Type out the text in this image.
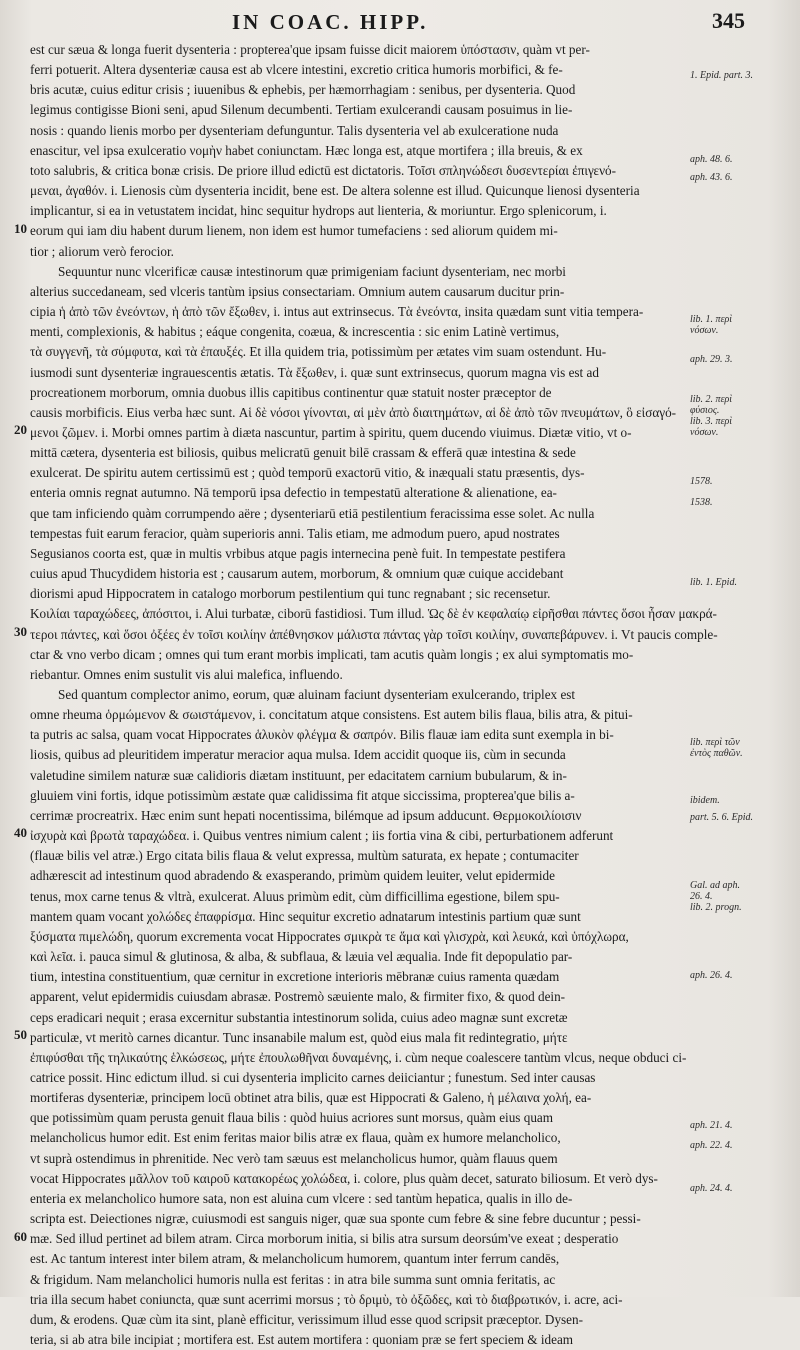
IN COAC. HIPP.	345
10
20
30
40
50
60
est cur sæua & longa fuerit dysenteria : propterea'que ipsam fuisse dicit maiorem ὑπόστασιν, quàm vt per-
ferri potuerit. Altera dysenteriæ causa est ab vlcere intestini, excretio critica humoris morbifici, & fe-
bris acutæ, cuius editur crisis ; iuuenibus & ephebis, per hæmorrhagiam : senibus, per dysenteria. Quod
legimus contigisse Bioni seni, apud Silenum decumbenti. Tertiam exulcerandi causam posuimus in lie-
nosis : quando lienis morbo per dysenteriam defunguntur. Talis dysenteria vel ab exulceratione nuda
enascitur, vel ipsa exulceratio νομὴν habet coniunctam. Hæc longa est, atque mortifera ; illa breuis, & ex
toto salubris, & critica bonæ crisis. De priore illud edictū est dictatoris. Τοῖσι σπληνώδεσι δυσεντερίαι ἐπιγενό-
μεναι, ἀγαθόν. i. Lienosis cùm dysenteria incidit, bene est. De altera solenne est illud. Quicunque lienosi dysenteria
implicantur, si ea in vetustatem incidat, hinc sequitur hydrops aut lienteria, & moriuntur. Ergo splenicorum, i.
eorum qui iam diu habent durum lienem, non idem est humor tumefaciens : sed aliorum quidem mi-
tior ; aliorum verò ferocior.
Sequuntur nunc vlcerificæ causæ intestinorum quæ primigeniam faciunt dysenteriam, nec morbi
alterius succedaneam, sed vlceris tantùm ipsius consectariam. Omnium autem causarum ducitur prin-
cipia ἡ ἀπὸ τῶν ἐνεόντων, ἡ ἀπὸ τῶν ἔξωθεν, i. intus aut extrinsecus. Τὰ ἐνεόντα, insita quædam sunt vitia tempera-
menti, complexionis, & habitus ; eáque congenita, coæua, & increscentia : sic enim Latinè vertimus,
τὰ συγγενῆ, τὰ σύμφυτα, καὶ τὰ ἐπαυξές. Et illa quidem tria, potissimùm per ætates vim suam ostendunt. Hu-
iusmodi sunt dysenteriæ ingrauescentis ætatis. Τὰ ἔξωθεν, i. quæ sunt extrinsecus, quorum magna vis est ad
procreationem morborum, omnia duobus illis capitibus continentur quæ statuit noster præceptor de
causis morbificis. Eius verba hæc sunt. Αἱ δὲ νόσοι γίνονται, αἱ μὲν ἀπὸ διαιτημάτων, αἱ δὲ ἀπὸ τῶν πνευμάτων, ὃ εἰσαγό-
μενοι ζῶμεν. i. Morbi omnes partim à diæta nascuntur, partim à spiritu, quem ducendo viuimus. Diætæ vitio, vt o-
mittā cætera, dysenteria est biliosis, quibus melicratū genuit bilē crassam & efferā quæ intestina & sede
exulcerat. De spiritu autem certissimū est ; quòd temporū exactorū vitio, & inæquali statu præsentis, dys-
enteria omnis regnat autumno. Nā temporū ipsa defectio in tempestatū alteratione & alienatione, ea-
que tam inficiendo quàm corrumpendo aëre ; dysenteriarū etiā pestilentium feracissima esse solet. Ac nulla
tempestas fuit earum feracior, quàm superioris anni. Talis etiam, me admodum puero, apud nostrates
Segusianos coorta est, quæ in multis vrbibus atque pagis internecina penè fuit. In tempestate pestifera
cuius apud Thucydidem historia est ; causarum autem, morborum, & omnium quæ cuique accidebant
diorismi apud Hippocratem in catalogo morborum pestilentium qui tunc regnabant ; sic recensetur.
Κοιλίαι ταραχώδεες, ἀπόσιτοι, i. Alui turbatæ, ciborū fastidiosi. Tum illud. Ὡς δὲ ἐν κεφαλαίῳ εἰρῆσθαι πάντες ὅσοι ἦσαν μακρά-
τεροι πάντες, καὶ ὅσοι ὀξέες ἐν τοῖσι κοιλίην ἀπέθνησκον μάλιστα πάντας γὰρ τοῖσι κοιλίην, συναπεβάρυνεν. i. Vt paucis comple-
ctar & vno verbo dicam ; omnes qui tum erant morbis implicati, tam acutis quàm longis ; ex alui symptomatis mo-
riebantur. Omnes enim sustulit vis alui malefica, influendo.
Sed quantum complector animo, eorum, quæ aluinam faciunt dysenteriam exulcerando, triplex est
omne rheuma ὁρμώμενον & σωιστάμενον, i. concitatum atque consistens. Est autem bilis flaua, bilis atra, & pitui-
ta putris ac salsa, quam vocat Hippocrates ἁλυκὸν φλέγμα & σαπρόν. Bilis flauæ iam edita sunt exempla in bi-
liosis, quibus ad pleuritidem imperatur meracior aqua mulsa. Idem accidit quoque iis, cùm in secunda
valetudine similem naturæ suæ calidioris diætam instituunt, per edacitatem carnium bubularum, & in-
gluuiem vini fortis, idque potissimùm æstate quæ calidissima fit atque siccissima, propterea'que bilis a-
cerrimæ procreatrix. Hæc enim sunt hepati nocentissima, bilémque ad ipsum adducunt. Θερμοκοιλίοισιν
ἰσχυρὰ καὶ βρωτὰ ταραχώδεα. i. Quibus ventres nimium calent ; iis fortia vina & cibi, perturbationem adferunt
(flauæ bilis vel atræ.) Ergo citata bilis flaua & velut expressa, multùm saturata, ex hepate ; contumaciter
adhærescit ad intestinum quod abradendo & exasperando, primùm quidem leuiter, velut epidermide
tenus, mox carne tenus & vltrà, exulcerat. Aluus primùm edit, cùm difficillima egestione, bilem spu-
mantem quam vocant χολώδες ἐπαφρίσμα. Hinc sequitur excretio adnatarum intestinis partium quæ sunt
ξύσματα πιμελώδη, quorum excrementa vocat Hippocrates σμικρὰ τε ἅμα καὶ γλισχρὰ, καὶ λευκά, καὶ ὑπόχλωρα,
καὶ λεῖα. i. pauca simul & glutinosa, & alba, & subflaua, & læuia vel æqualia. Inde fit depopulatio par-
tium, intestina constituentium, quæ cernitur in excretione interioris mēbranæ cuius ramenta quædam
apparent, velut epidermidis cuiusdam abrasæ. Postremò sæuiente malo, & firmiter fixo, & quod dein-
ceps eradicari nequit ; erasa excernitur substantia intestinorum solida, cuius adeo magnæ sunt excretæ
particulæ, vt meritò carnes dicantur. Tunc insanabile malum est, quòd eius mala fit redintegratio, μήτε
ἐπιφύσθαι τῆς τηλικαύτης ἑλκώσεως, μήτε ἐπουλωθῆναι δυναμένης, i. cùm neque coalescere tantùm vlcus, neque obduci ci-
catrice possit. Hinc edictum illud. si cui dysenteria implicito carnes deiiciantur ; funestum. Sed inter causas
mortiferas dysenteriæ, principem locū obtinet atra bilis, quæ est Hippocrati & Galeno, ἡ μέλαινα χολή, ea-
que potissimùm quam perusta genuit flaua bilis : quòd huius acriores sunt morsus, quàm eius quam
melancholicus humor edit. Est enim feritas maior bilis atræ ex flaua, quàm ex humore melancholico,
vt suprà ostendimus in phrenitide. Nec verò tam sæuus est melancholicus humor, quàm flauus quem
vocat Hippocrates μᾶλλον τοῦ καιροῦ κατακορέως χολώδεα, i. colore, plus quàm decet, saturato biliosum. Et verò dys-
enteria ex melancholico humore sata, non est aluina cum vlcere : sed tantùm hepatica, qualis in illo de-
scripta est. Deiectiones nigræ, cuiusmodi est sanguis niger, quæ sua sponte cum febre & sine febre ducuntur ; pessi-
mæ. Sed illud pertinet ad bilem atram. Circa morborum initia, si bilis atra sursum deorsúm've exeat ; desperatio
est. Ac tantum interest inter bilem atram, & melancholicum humorem, quantum inter ferrum candēs,
& frigidum. Nam melancholici humoris nulla est feritas : in atra bile summa sunt omnia feritatis, ac
tria illa secum habet coniuncta, quæ sunt acerrimi morsus ; τὸ δριμὺ, τὸ ὀξῶδες, καὶ τὸ διαβρωτικόν, i. acre, aci-
dum, & erodens. Quæ cùm ita sint, planè efficitur, verissimum illud esse quod scripsit præceptor. Dysen-
teria, si ab atra bile incipiat ; mortifera est. Est autem mortifera : quoniam præ se fert speciem & ideam
1. Epid. part. 3.
aph. 48. 6.
aph. 43. 6.
lib. 1. περὶ
νόσων.
aph. 29. 3.
lib. 2. περὶ
φύσιος.
lib. 3. περὶ
νόσων.
1578.
1538.
lib. 1. Epid.
lib. περὶ τῶν
ἐντὸς παθῶν.
ibidem.
part. 5. 6. Epid.
Gal. ad aph.
26. 4.
lib. 2. progn.
aph. 26. 4.
aph. 21. 4.
aph. 22. 4.
aph. 24. 4.
